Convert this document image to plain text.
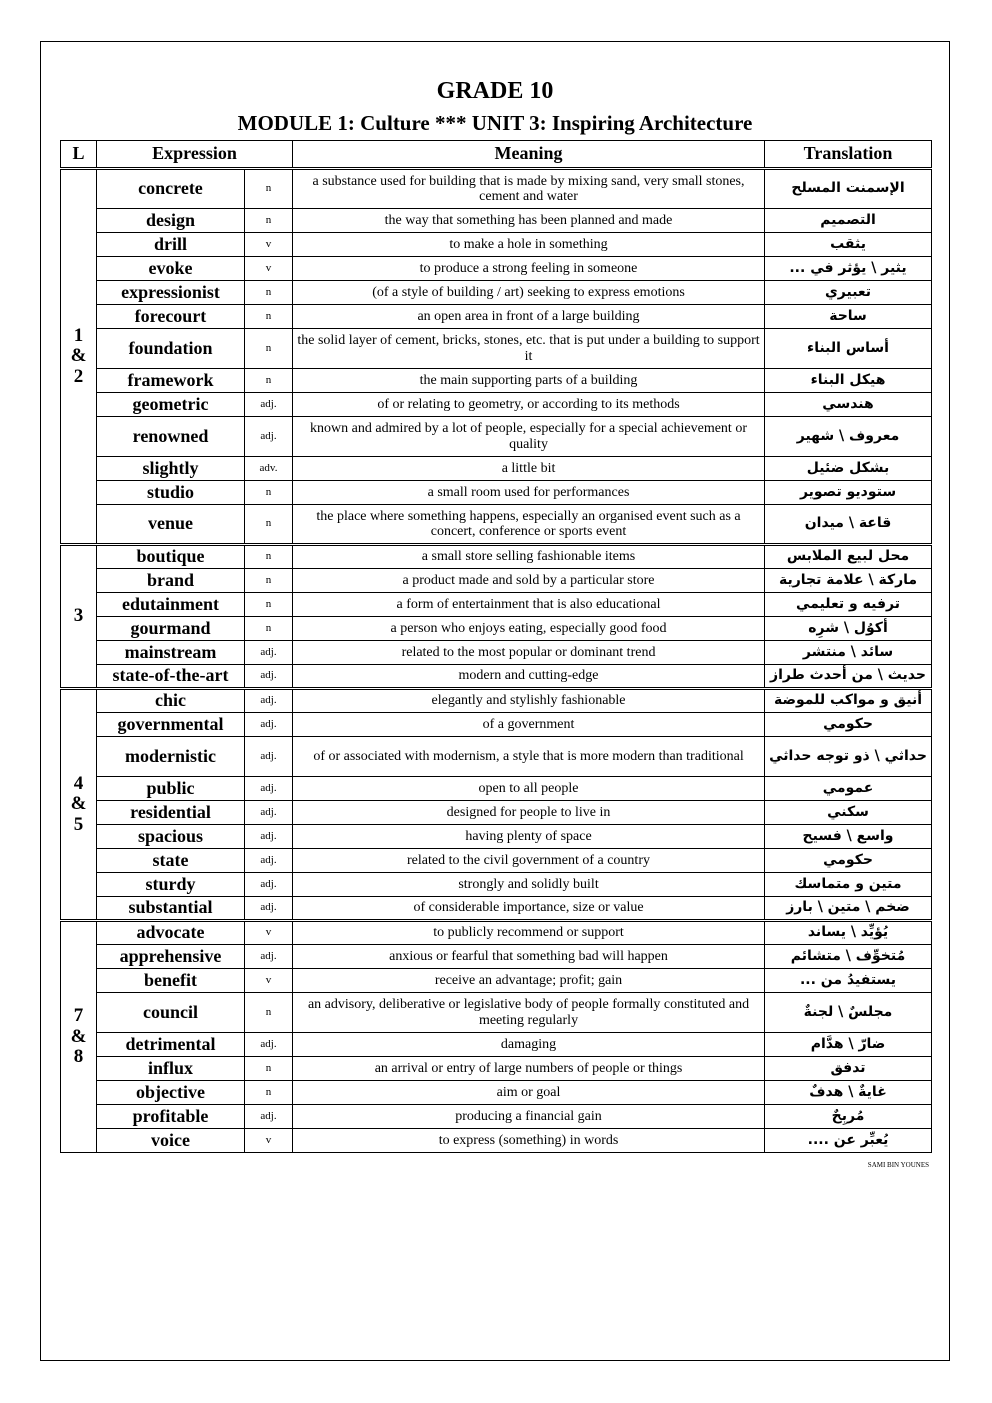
GRADE 10
MODULE 1: Culture *** UNIT 3: Inspiring Architecture
L	Expression		Meaning	Translation
1
&
2	concrete	n	a substance used for building that is made by mixing sand, very small stones, cement and water	الإسمنت المسلح
	design	n	the way that something has been planned and made	التصميم
	drill	v	to make a hole in something	يثقب
	evoke	v	to produce a strong feeling in someone	يثير \ يؤثر في ...
	expressionist	n	(of a style of building / art) seeking to express emotions	تعبيري
	forecourt	n	an open area in front of a large building	ساحة
	foundation	n	the solid layer of cement, bricks, stones, etc. that is put under a building to support it	أساس البناء
	framework	n	the main supporting parts of a building	هيكل البناء
	geometric	adj.	of or relating to geometry, or according to its methods	هندسي
	renowned	adj.	known and admired by a lot of people, especially for a special achievement or quality	معروف \ شهير
	slightly	adv.	a little bit	بشكل ضئيل
	studio	n	a small room used for performances	ستوديو تصوير
	venue	n	the place where something happens, especially an organised event such as a concert, conference or sports event	قاعة \ ميدان
3	boutique	n	a small store selling fashionable items	محل لبيع الملابس
	brand	n	a product made and sold by a particular store	ماركة \ علامة تجارية
	edutainment	n	a form of entertainment that is also educational	ترفيه و تعليمي
	gourmand	n	a person who enjoys eating, especially good food	أكوُل \ شرِه
	mainstream	adj.	related to the most popular or dominant trend	سائد \ منتشر
	state-of-the-art	adj.	modern and cutting-edge	حديث \ من أحدث طراز
4
&
5	chic	adj.	elegantly and stylishly fashionable	أنيق و مواكب للموضة
	governmental	adj.	of a government	حكومي
	modernistic	adj.	of or associated with modernism, a style that is more modern than traditional	حداثي \ ذو توجه حداثي
	public	adj.	open to all people	عمومي
	residential	adj.	designed for people to live in	سكني
	spacious	adj.	having plenty of space	واسع \ فسيح
	state	adj.	related to the civil government of a country	حكومي
	sturdy	adj.	strongly and solidly built	متين و متماسك
	substantial	adj.	of considerable importance, size or value	ضخم \ متين \ بارز
7
&
8	advocate	v	to publicly recommend or support	يُؤيِّد \ يساند
	apprehensive	adj.	anxious or fearful that something bad will happen	مُتخوِّف \ متشائم
	benefit	v	receive an advantage; profit; gain	يستفيدُ من ...
	council	n	an advisory, deliberative or legislative body of people formally constituted and meeting regularly	مجلسٌ \ لجنةٌ
	detrimental	adj.	damaging	ضارّ \ هدَّام
	influx	n	an arrival or entry of large numbers of people or things	تدفق
	objective	n	aim or goal	غايةٌ \ هدفٌ
	profitable	adj.	producing a financial gain	مُربِحٌ
	voice	v	to express (something) in words	يُعبِّر عن ....
SAMI BIN YOUNES
